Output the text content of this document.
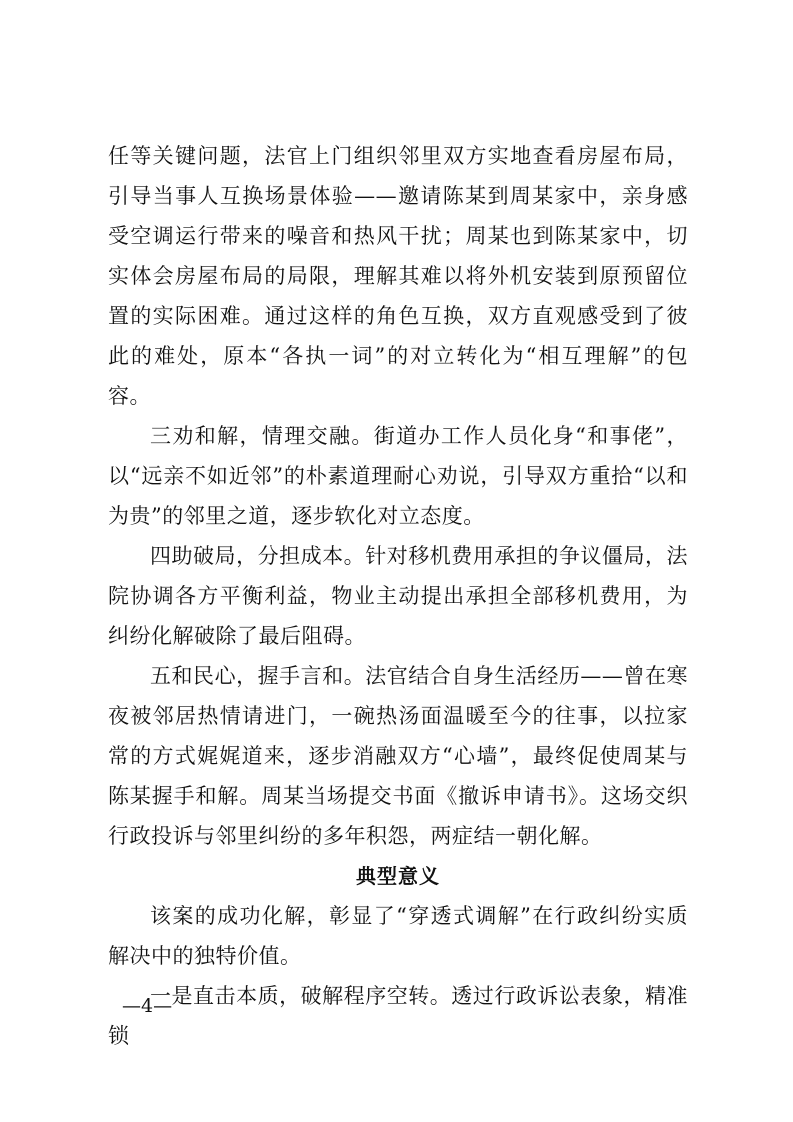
任等关键问题，法官上门组织邻里双方实地查看房屋布局，引导当事人互换场景体验——邀请陈某到周某家中，亲身感受空调运行带来的噪音和热风干扰；周某也到陈某家中，切实体会房屋布局的局限，理解其难以将外机安装到原预留位置的实际困难。通过这样的角色互换，双方直观感受到了彼此的难处，原本“各执一词”的对立转化为“相互理解”的包容。

三劝和解，情理交融。街道办工作人员化身“和事佬”，以“远亲不如近邻”的朴素道理耐心劝说，引导双方重拾“以和为贵”的邻里之道，逐步软化对立态度。

四助破局，分担成本。针对移机费用承担的争议僵局，法院协调各方平衡利益，物业主动提出承担全部移机费用，为纠纷化解破除了最后阻碍。

五和民心，握手言和。法官结合自身生活经历——曾在寒夜被邻居热情请进门，一碗热汤面温暖至今的往事，以拉家常的方式娓娓道来，逐步消融双方“心墙”，最终促使周某与陈某握手和解。周某当场提交书面《撤诉申请书》。这场交织行政投诉与邻里纠纷的多年积怨，两症结一朝化解。

典型意义

该案的成功化解，彰显了“穿透式调解”在行政纠纷实质解决中的独特价值。

一是直击本质，破解程序空转。透过行政诉讼表象，精准锁

—4—
